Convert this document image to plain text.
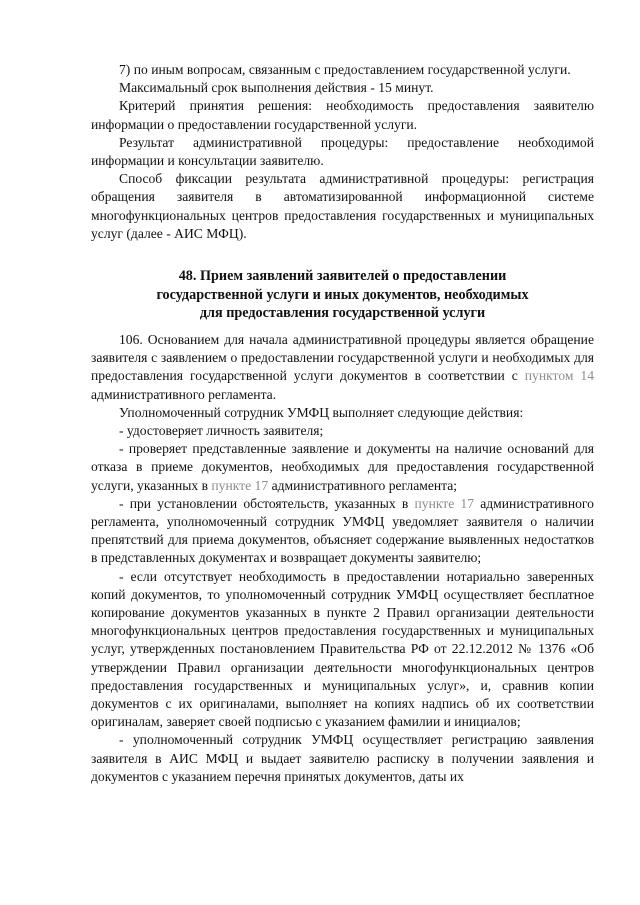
7) по иным вопросам, связанным с предоставлением государственной услуги.

Максимальный срок выполнения действия - 15 минут.

Критерий принятия решения: необходимость предоставления заявителю информации о предоставлении государственной услуги.

Результат административной процедуры: предоставление необходимой информации и консультации заявителю.

Способ фиксации результата административной процедуры: регистрация обращения заявителя в автоматизированной информационной системе многофункциональных центров предоставления государственных и муниципальных услуг (далее - АИС МФЦ).

48. Прием заявлений заявителей о предоставлении
государственной услуги и иных документов, необходимых
для предоставления государственной услуги

106. Основанием для начала административной процедуры является обращение заявителя с заявлением о предоставлении государственной услуги и необходимых для предоставления государственной услуги документов в соответствии с пунктом 14 административного регламента.

Уполномоченный сотрудник УМФЦ выполняет следующие действия:

- удостоверяет личность заявителя;

- проверяет представленные заявление и документы на наличие оснований для отказа в приеме документов, необходимых для предоставления государственной услуги, указанных в пункте 17 административного регламента;

- при установлении обстоятельств, указанных в пункте 17 административного регламента, уполномоченный сотрудник УМФЦ уведомляет заявителя о наличии препятствий для приема документов, объясняет содержание выявленных недостатков в представленных документах и возвращает документы заявителю;

- если отсутствует необходимость в предоставлении нотариально заверенных копий документов, то уполномоченный сотрудник УМФЦ осуществляет бесплатное копирование документов указанных в пункте 2 Правил организации деятельности многофункциональных центров предоставления государственных и муниципальных услуг, утвержденных постановлением Правительства РФ от 22.12.2012 № 1376 «Об утверждении Правил организации деятельности многофункциональных центров предоставления государственных и муниципальных услуг», и, сравнив копии документов с их оригиналами, выполняет на копиях надпись об их соответствии оригиналам, заверяет своей подписью с указанием фамилии и инициалов;

- уполномоченный сотрудник УМФЦ осуществляет регистрацию заявления заявителя в АИС МФЦ и выдает заявителю расписку в получении заявления и документов с указанием перечня принятых документов, даты их
